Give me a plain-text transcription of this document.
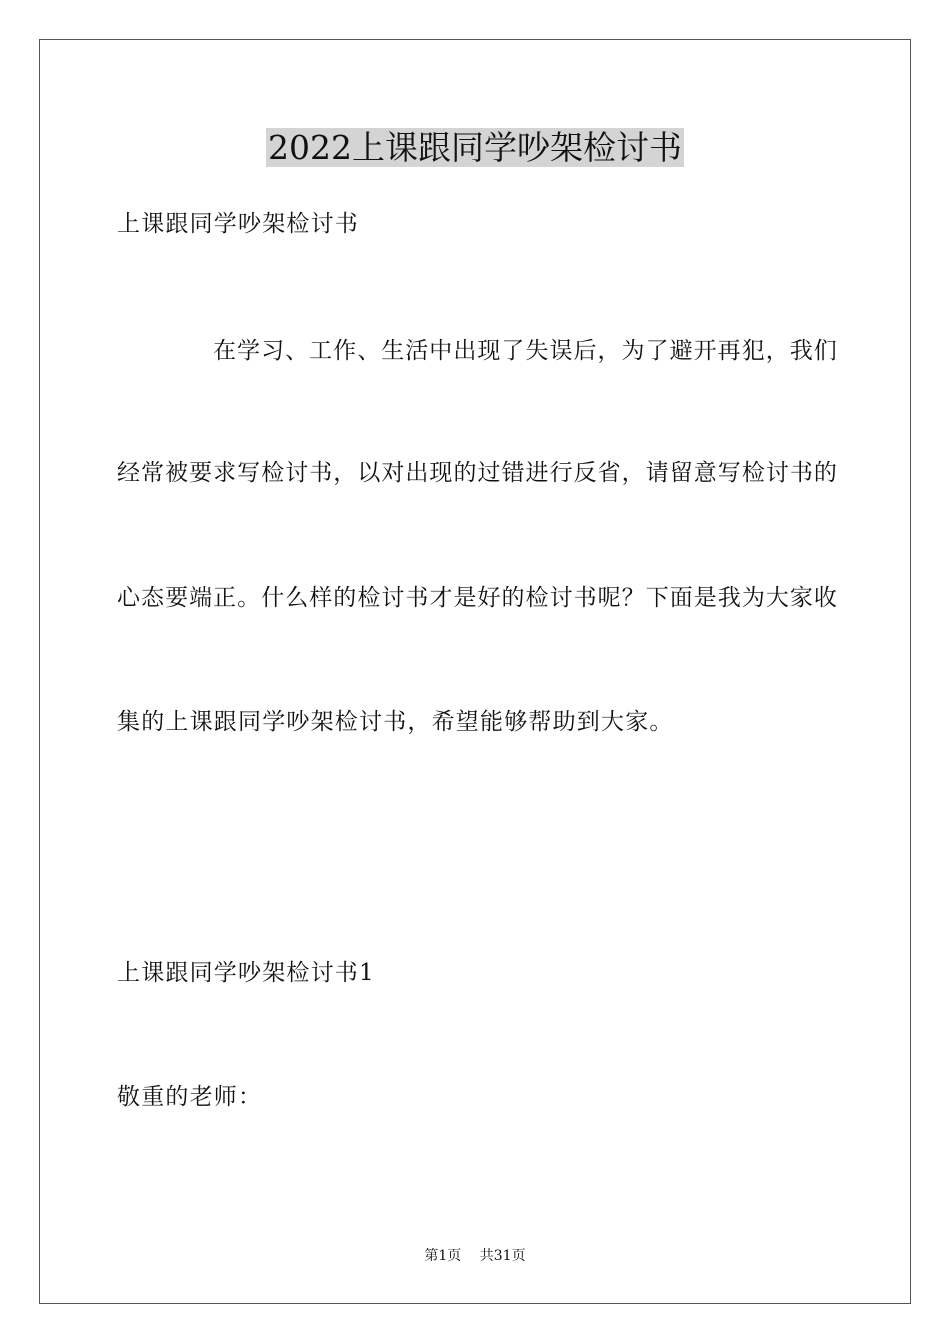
2022上课跟同学吵架检讨书
上课跟同学吵架检讨书
在 学 习 、 工 作 、 生 活 中 出 现 了 失 误 后 ， 为 了 避 开 再 犯 ， 我 们
经 常 被 要 求 写 检 讨 书 ， 以 对 出 现 的 过 错 进 行 反 省 ， 请 留 意 写 检 讨 书 的
心 态 要 端 正 。 什 么 样 的 检 讨 书 才 是 好 的 检 讨 书 呢 ？ 下 面 是 我 为 大 家 收
集的上课跟同学吵架检讨书，希望能够帮助到大家。
上课跟同学吵架检讨书1
敬重的老师：
第1页 共31页
